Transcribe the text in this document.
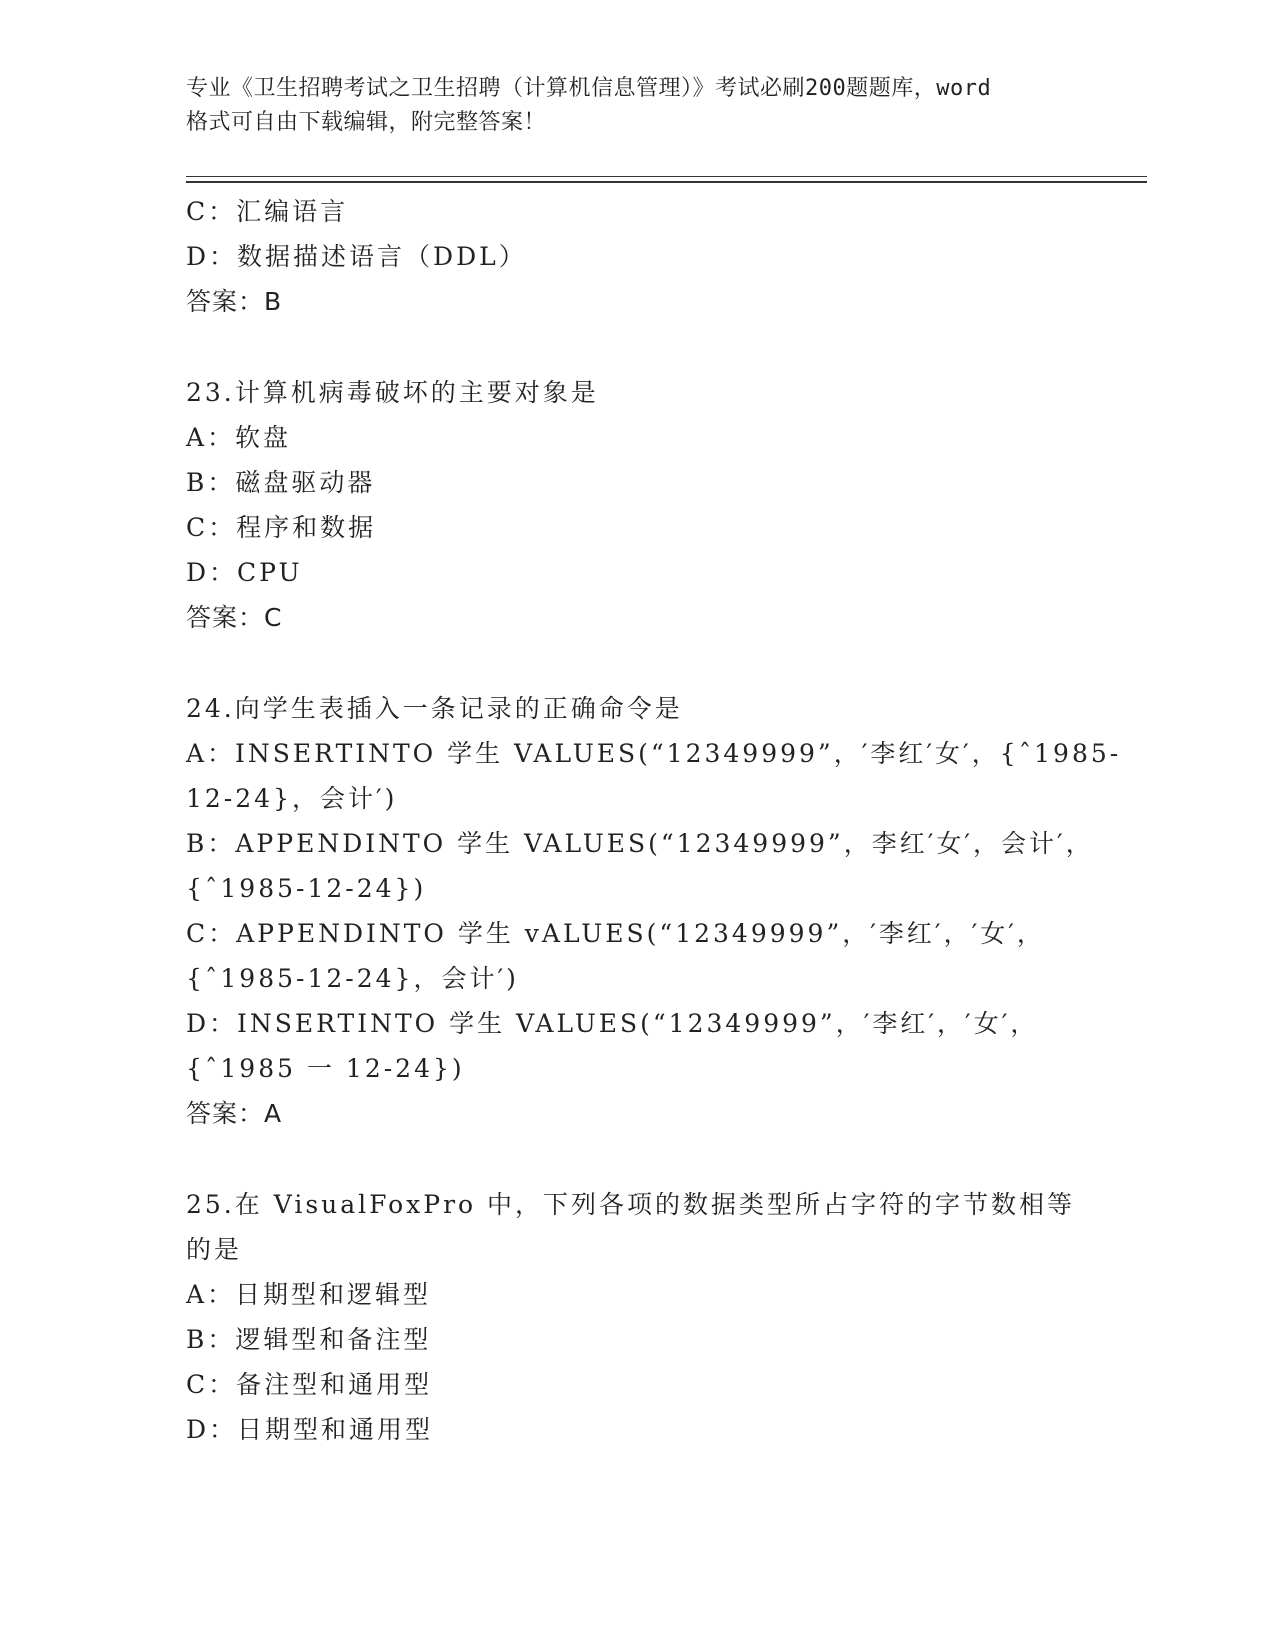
专业《卫生招聘考试之卫生招聘（计算机信息管理）》考试必刷200题题库，word
格式可自由下载编辑，附完整答案！
C：汇编语言
D：数据描述语言（DDL）
答案：B
23.计算机病毒破坏的主要对象是
A：软盘
B：磁盘驱动器
C：程序和数据
D：CPU
答案：C
24.向学生表插入一条记录的正确命令是
A：INSERTINTO 学生 VALUES(“12349999”，′李红′女′，{ˆ1985-
12-24}，会计′)
B：APPENDINTO 学生 VALUES(“12349999”，李红′女′，会计′，
{ˆ1985-12-24})
C：APPENDINTO 学生 vALUES(“12349999”，′李红′，′女′，
{ˆ1985-12-24}，会计′)
D：INSERTINTO 学生 VALUES(“12349999”，′李红′，′女′，
{ˆ1985 一 12-24})
答案：A
25.在 VisualFoxPro 中，下列各项的数据类型所占字符的字节数相等
的是
A：日期型和逻辑型
B：逻辑型和备注型
C：备注型和通用型
D：日期型和通用型
